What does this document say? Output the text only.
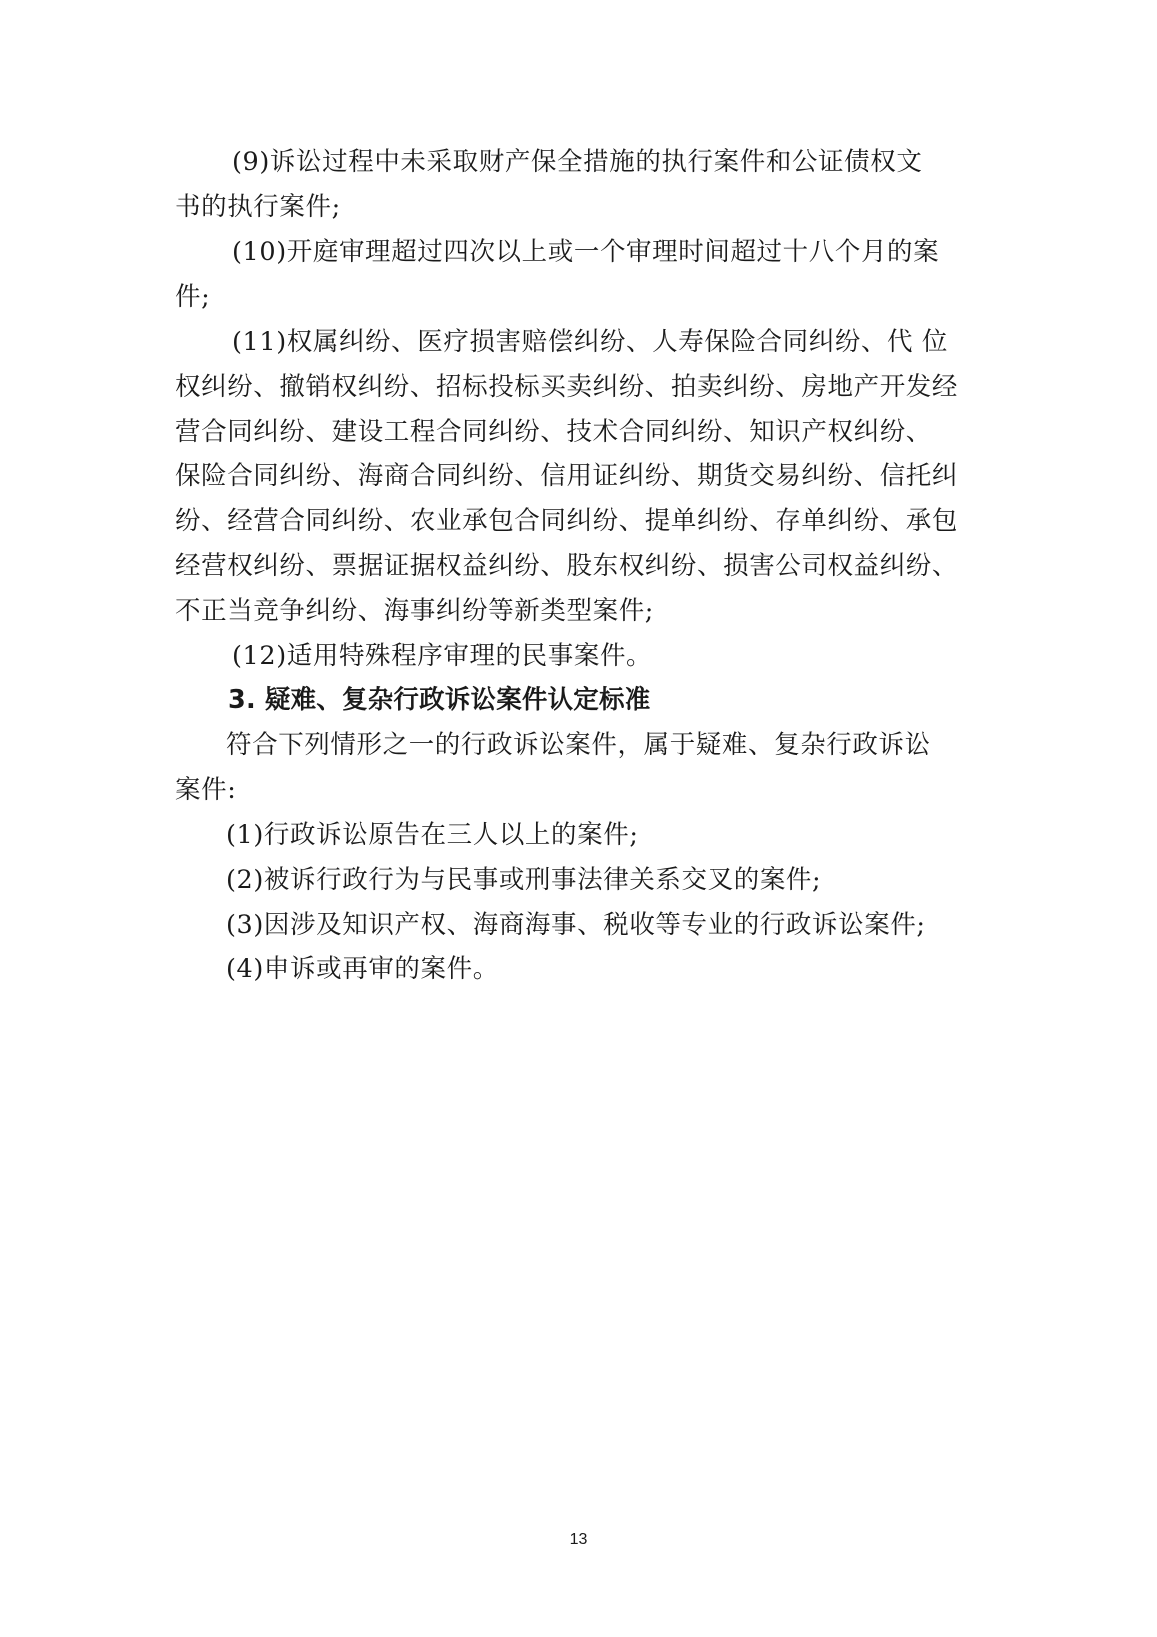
(9)诉讼过程中未采取财产保全措施的执行案件和公证债权文
书的执行案件;
(10)开庭审理超过四次以上或一个审理时间超过十八个月的案
件;
(11)权属纠纷、医疗损害赔偿纠纷、人寿保险合同纠纷、代 位
权纠纷、撤销权纠纷、招标投标买卖纠纷、拍卖纠纷、房地产开发经
营合同纠纷、建设工程合同纠纷、技术合同纠纷、知识产权纠纷、
保险合同纠纷、海商合同纠纷、信用证纠纷、期货交易纠纷、信托纠
纷、经营合同纠纷、农业承包合同纠纷、提单纠纷、存单纠纷、承包
经营权纠纷、票据证据权益纠纷、股东权纠纷、损害公司权益纠纷、
不正当竞争纠纷、海事纠纷等新类型案件;
(12)适用特殊程序审理的民事案件。
3. 疑难、复杂行政诉讼案件认定标准
符合下列情形之一的行政诉讼案件，属于疑难、复杂行政诉讼
案件:
(1)行政诉讼原告在三人以上的案件;
(2)被诉行政行为与民事或刑事法律关系交叉的案件;
(3)因涉及知识产权、海商海事、税收等专业的行政诉讼案件;
(4)申诉或再审的案件。
13
